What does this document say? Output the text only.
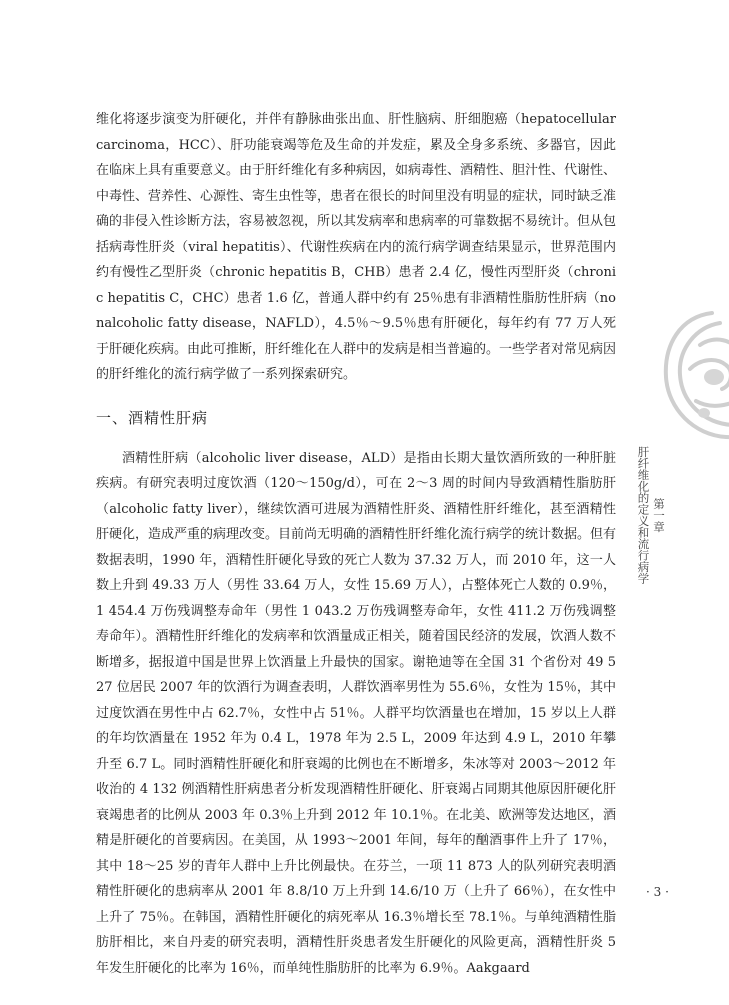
维化将逐步演变为肝硬化，并伴有静脉曲张出血、肝性脑病、肝细胞癌（hepatocellular carcinoma，HCC）、肝功能衰竭等危及生命的并发症，累及全身多系统、多器官，因此在临床上具有重要意义。由于肝纤维化有多种病因，如病毒性、酒精性、胆汁性、代谢性、中毒性、营养性、心源性、寄生虫性等，患者在很长的时间里没有明显的症状，同时缺乏准确的非侵入性诊断方法，容易被忽视，所以其发病率和患病率的可靠数据不易统计。但从包括病毒性肝炎（viral hepatitis）、代谢性疾病在内的流行病学调查结果显示，世界范围内约有慢性乙型肝炎（chronic hepatitis B，CHB）患者 2.4 亿，慢性丙型肝炎（chronic hepatitis C，CHC）患者 1.6 亿，普通人群中约有 25％患有非酒精性脂肪性肝病（nonalcoholic fatty disease，NAFLD），4.5％～9.5％患有肝硬化，每年约有 77 万人死于肝硬化疾病。由此可推断，肝纤维化在人群中的发病是相当普遍的。一些学者对常见病因的肝纤维化的流行病学做了一系列探索研究。

一、酒精性肝病

酒精性肝病（alcoholic liver disease，ALD）是指由长期大量饮酒所致的一种肝脏疾病。有研究表明过度饮酒（120～150g/d），可在 2～3 周的时间内导致酒精性脂肪肝（alcoholic fatty liver），继续饮酒可进展为酒精性肝炎、酒精性肝纤维化，甚至酒精性肝硬化，造成严重的病理改变。目前尚无明确的酒精性肝纤维化流行病学的统计数据。但有数据表明，1990 年，酒精性肝硬化导致的死亡人数为 37.32 万人，而 2010 年，这一人数上升到 49.33 万人（男性 33.64 万人，女性 15.69 万人），占整体死亡人数的 0.9％，1 454.4 万伤残调整寿命年（男性 1 043.2 万伤残调整寿命年，女性 411.2 万伤残调整寿命年）。酒精性肝纤维化的发病率和饮酒量成正相关，随着国民经济的发展，饮酒人数不断增多，据报道中国是世界上饮酒量上升最快的国家。谢艳迪等在全国 31 个省份对 49 527 位居民 2007 年的饮酒行为调查表明，人群饮酒率男性为 55.6％，女性为 15％，其中过度饮酒在男性中占 62.7％，女性中占 51％。人群平均饮酒量也在增加，15 岁以上人群的年均饮酒量在 1952 年为 0.4 L，1978 年为 2.5 L，2009 年达到 4.9 L，2010 年攀升至 6.7 L。同时酒精性肝硬化和肝衰竭的比例也在不断增多，朱冰等对 2003～2012 年收治的 4 132 例酒精性肝病患者分析发现酒精性肝硬化、肝衰竭占同期其他原因肝硬化肝衰竭患者的比例从 2003 年 0.3％上升到 2012 年 10.1％。在北美、欧洲等发达地区，酒精是肝硬化的首要病因。在美国，从 1993～2001 年间，每年的酗酒事件上升了 17％，其中 18～25 岁的青年人群中上升比例最快。在芬兰，一项 11 873 人的队列研究表明酒精性肝硬化的患病率从 2001 年 8.8/10 万上升到 14.6/10 万（上升了 66％），在女性中上升了 75％。在韩国，酒精性肝硬化的病死率从 16.3％增长至 78.1％。与单纯酒精性脂肪肝相比，来自丹麦的研究表明，酒精性肝炎患者发生肝硬化的风险更高，酒精性肝炎 5 年发生肝硬化的比率为 16％，而单纯性脂肪肝的比率为 6.9％。Aakgaard

第一章
肝纤维化的定义和流行病学
· 3 ·
